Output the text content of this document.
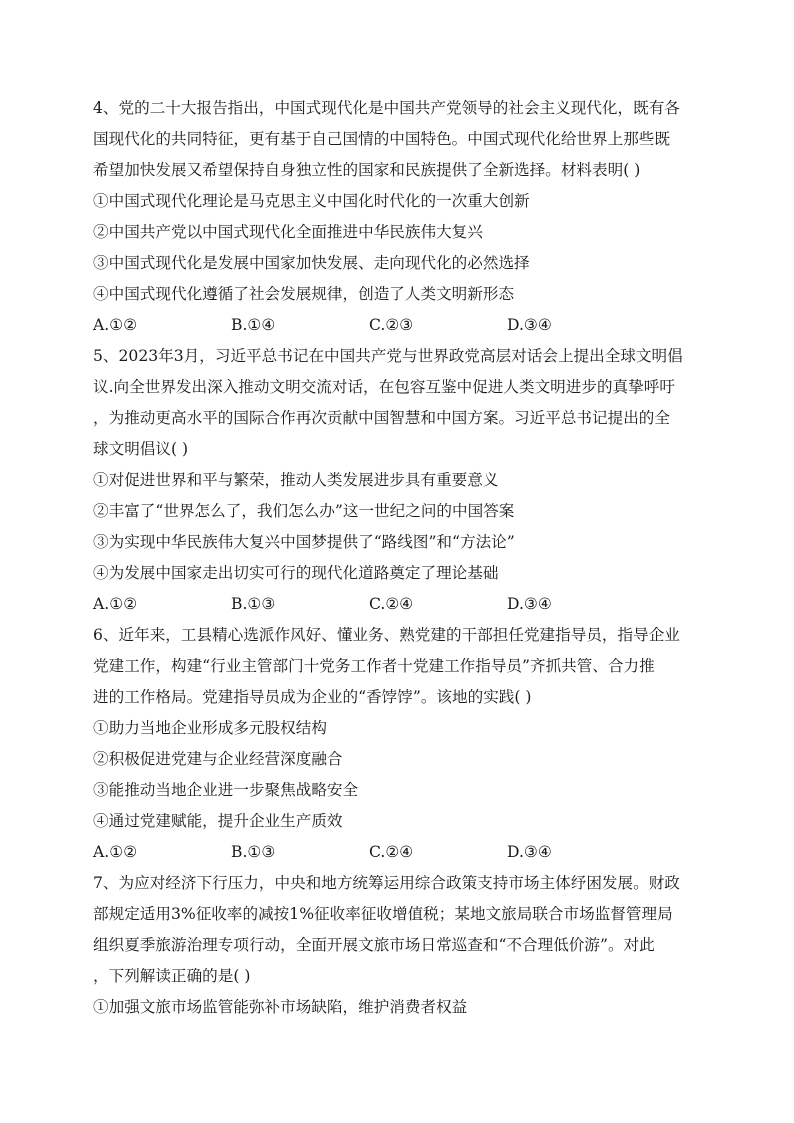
4、党的二十大报告指出，中国式现代化是中国共产党领导的社会主义现代化，既有各
国现代化的共同特征，更有基于自己国情的中国特色。中国式现代化给世界上那些既
希望加快发展又希望保持自身独立性的国家和民族提供了全新选择。材料表明( )
①中国式现代化理论是马克思主义中国化时代化的一次重大创新
②中国共产党以中国式现代化全面推进中华民族伟大复兴
③中国式现代化是发展中国家加快发展、走向现代化的必然选择
④中国式现代化遵循了社会发展规律，创造了人类文明新形态
A.①②	B.①④	C.②③	D.③④
5、2023年3月，习近平总书记在中国共产党与世界政党高层对话会上提出全球文明倡
议.向全世界发出深入推动文明交流对话，在包容互鉴中促进人类文明进步的真挚呼吁
，为推动更高水平的国际合作再次贡献中国智慧和中国方案。习近平总书记提出的全
球文明倡议( )
①对促进世界和平与繁荣，推动人类发展进步具有重要意义
②丰富了“世界怎么了，我们怎么办”这一世纪之问的中国答案
③为实现中华民族伟大复兴中国梦提供了“路线图”和“方法论”
④为发展中国家走出切实可行的现代化道路奠定了理论基础
A.①②	B.①③	C.②④	D.③④
6、近年来，工县精心选派作风好、懂业务、熟党建的干部担任党建指导员，指导企业
党建工作，构建“行业主管部门十党务工作者十党建工作指导员”齐抓共管、合力推
进的工作格局。党建指导员成为企业的“香饽饽”。该地的实践( )
①助力当地企业形成多元股权结构
②积极促进党建与企业经营深度融合
③能推动当地企业进一步聚焦战略安全
④通过党建赋能，提升企业生产质效
A.①②	B.①③	C.②④	D.③④
7、为应对经济下行压力，中央和地方统筹运用综合政策支持市场主体纾困发展。财政
部规定适用3%征收率的减按1%征收率征收增值税；某地文旅局联合市场监督管理局
组织夏季旅游治理专项行动，全面开展文旅市场日常巡查和“不合理低价游”。对此
，下列解读正确的是( )
①加强文旅市场监管能弥补市场缺陷，维护消费者权益
